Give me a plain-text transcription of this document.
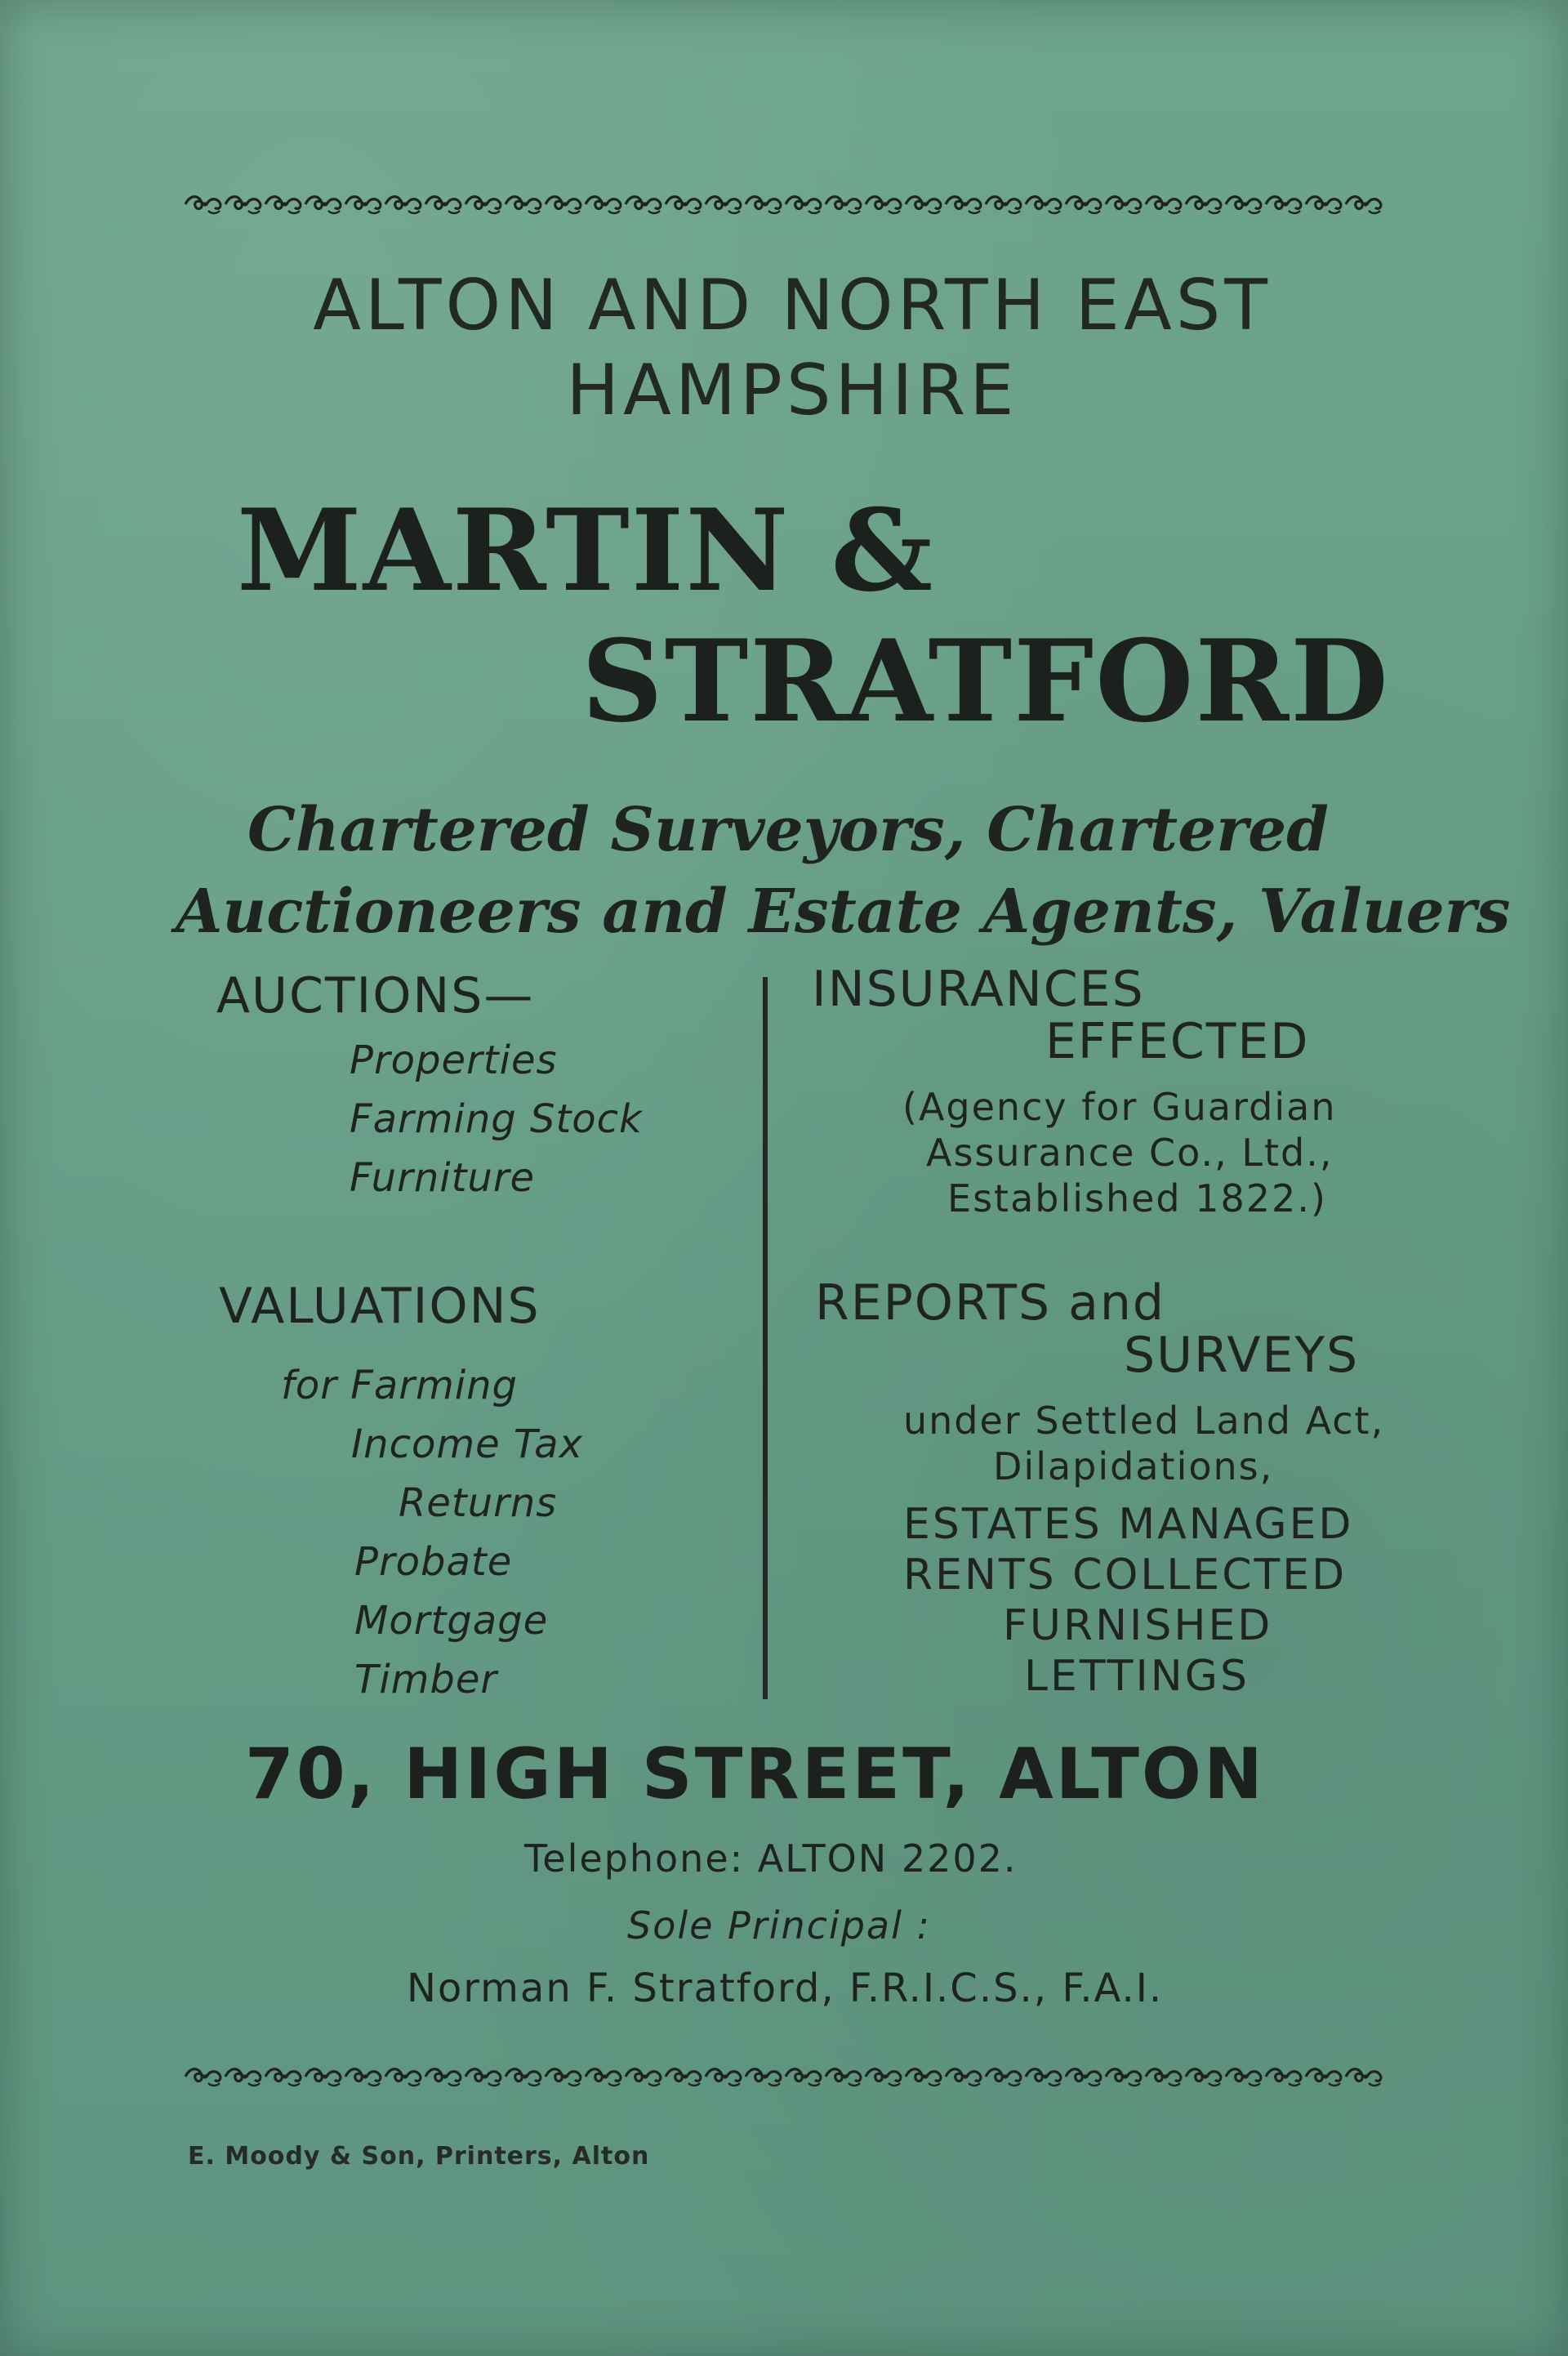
ALTON AND NORTH EAST
HAMPSHIRE
MARTIN &
STRATFORD
Chartered Surveyors, Chartered
Auctioneers and Estate Agents, Valuers
AUCTIONS—
Properties
Farming Stock
Furniture
VALUATIONS
for Farming
Income Tax
Returns
Probate
Mortgage
Timber
INSURANCES
EFFECTED
(Agency for Guardian
Assurance Co., Ltd.,
Established 1822.)
REPORTS and
SURVEYS
under Settled Land Act,
Dilapidations,
ESTATES MANAGED
RENTS COLLECTED
FURNISHED
LETTINGS
70, HIGH STREET, ALTON
Telephone: ALTON 2202.
Sole Principal :
Norman F. Stratford, F.R.I.C.S., F.A.I.
E. Moody & Son, Printers, Alton
